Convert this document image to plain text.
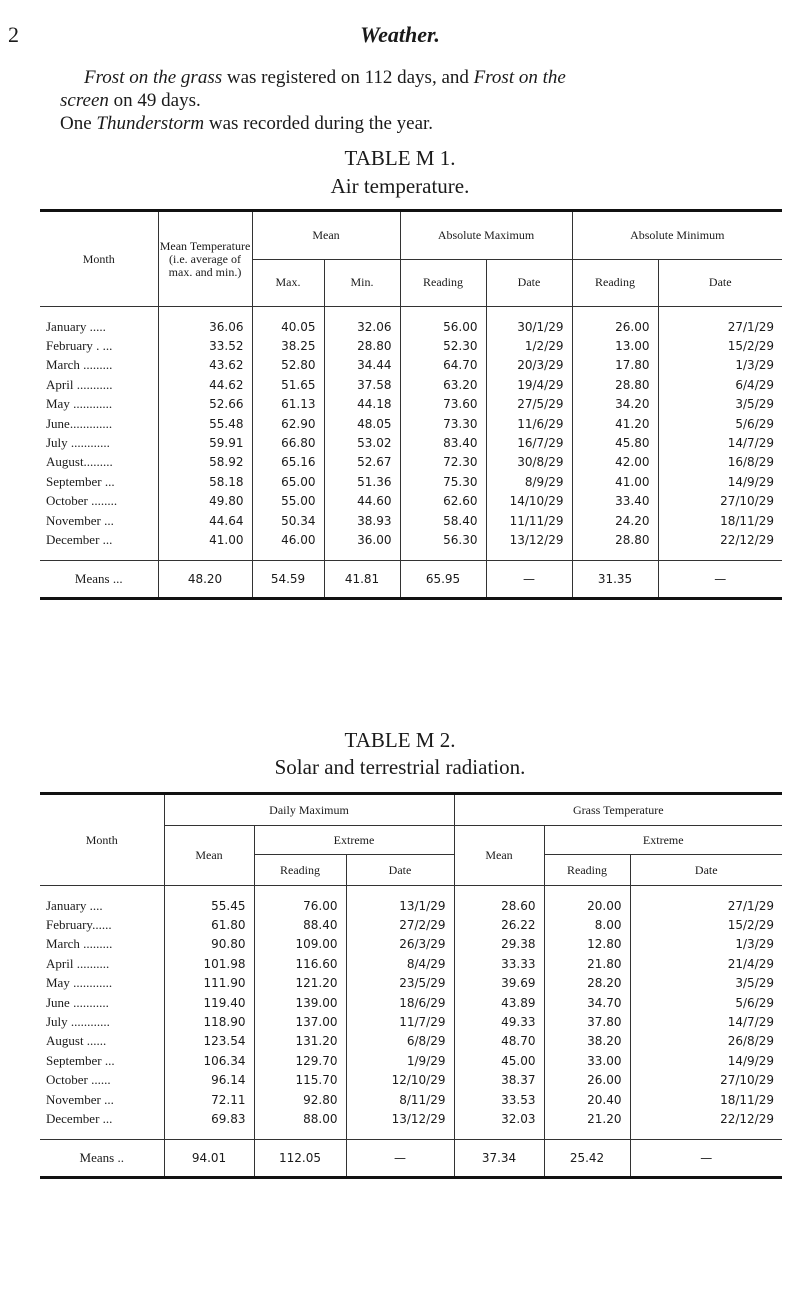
2	Weather.

Frost on the grass was registered on 112 days, and Frost on the

screen on 49 days.

One Thunderstorm was recorded during the year.

TABLE M 1.
Air temperature.
Month	Mean Temperature (i.e. average of max. and min.)	Mean		Absolute Maximum		Absolute Minimum	
		Max.	Min.	Reading	Date	Reading	Date

January .....	36.06	40.05	32.06	56.00	30/1/29	26.00	27/1/29
February . ...	33.52	38.25	28.80	52.30	1/2/29	13.00	15/2/29
March .........	43.62	52.80	34.44	64.70	20/3/29	17.80	1/3/29
April ...........	44.62	51.65	37.58	63.20	19/4/29	28.80	6/4/29
May ............	52.66	61.13	44.18	73.60	27/5/29	34.20	3/5/29
June.............	55.48	62.90	48.05	73.30	11/6/29	41.20	5/6/29
July ............	59.91	66.80	53.02	83.40	16/7/29	45.80	14/7/29
August.........	58.92	65.16	52.67	72.30	30/8/29	42.00	16/8/29
September ...	58.18	65.00	51.36	75.30	8/9/29	41.00	14/9/29
October ........	49.80	55.00	44.60	62.60	14/10/29	33.40	27/10/29
November ...	44.64	50.34	38.93	58.40	11/11/29	24.20	18/11/29
December ...	41.00	46.00	36.00	56.30	13/12/29	28.80	22/12/29

Means ...	48.20	54.59	41.81	65.95	—	31.35	—
TABLE M 2.
Solar and terrestrial radiation.
Month	Daily Maximum			Grass Temperature		
	Mean	Extreme		Mean	Extreme	
		Reading	Date		Reading	Date

January ....	55.45	76.00	13/1/29	28.60	20.00	27/1/29
February......	61.80	88.40	27/2/29	26.22	8.00	15/2/29
March .........	90.80	109.00	26/3/29	29.38	12.80	1/3/29
April ..........	101.98	116.60	8/4/29	33.33	21.80	21/4/29
May ............	111.90	121.20	23/5/29	39.69	28.20	3/5/29
June ...........	119.40	139.00	18/6/29	43.89	34.70	5/6/29
July ............	118.90	137.00	11/7/29	49.33	37.80	14/7/29
August ......	123.54	131.20	6/8/29	48.70	38.20	26/8/29
September ...	106.34	129.70	1/9/29	45.00	33.00	14/9/29
October ......	96.14	115.70	12/10/29	38.37	26.00	27/10/29
November ...	72.11	92.80	8/11/29	33.53	20.40	18/11/29
December ...	69.83	88.00	13/12/29	32.03	21.20	22/12/29

Means ..	94.01	112.05	—	37.34	25.42	—
